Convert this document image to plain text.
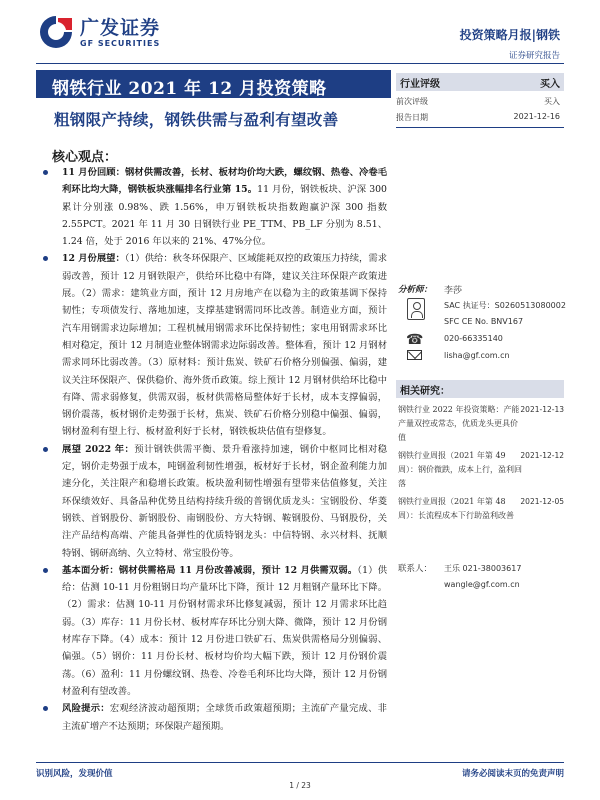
广发证券
GF SECURITIES
投资策略月报|钢铁
证券研究报告
钢铁行业 2021 年 12 月投资策略
粗钢限产持续，钢铁供需与盈利有望改善
核心观点：
行业评级	买入
前次评级	买入
报告日期	2021-12-16
分析师： 李莎
SAC 执证号：S0260513080002
SFC CE No. BNV167
☎	020-66335140
lisha@gf.com.cn
相关研究：
钢铁行业 2022 年投资策略：产能产量双控或常态，优质龙头更具价值
2021-12-13
钢铁行业周报（2021 年第 49 周）：钢价微跌，成本上行，盈利回落
2021-12-12
钢铁行业周报（2021 年第 48 周）：长流程成本下行助盈利改善
2021-12-05
联系人： 王乐 021-38003617
wangle@gf.com.cn
11 月份回顾：钢材供需改善，长材、板材均价均大跌，螺纹钢、热卷、冷卷毛利环比均大降，钢铁板块涨幅排名行业第 15。11 月份，钢铁板块、沪深 300 累计分别涨 0.98%、跌 1.56%，申万钢铁板块指数跑赢沪深 300 指数 2.55PCT。2021 年 11 月 30 日钢铁行业 PE_TTM、PB_LF 分别为 8.51、1.24 倍，处于 2016 年以来的 21%、47%分位。
12 月份展望：（1）供给：秋冬环保限产、区域能耗双控的政策压力持续，需求弱改善，预计 12 月钢铁限产，供给环比稳中有降，建议关注环保限产政策进展。（2）需求：建筑业方面，预计 12 月房地产在以稳为主的政策基调下保持韧性；专项债发行、落地加速，支撑基建钢需同环比改善。制造业方面，预计汽车用钢需求边际增加；工程机械用钢需求环比保持韧性；家电用钢需求环比相对稳定，预计 12 月制造业整体钢需求边际弱改善。整体看，预计 12 月钢材需求同环比弱改善。（3）原材料：预计焦炭、铁矿石价格分别偏强、偏弱，建议关注环保限产、保供稳价、海外货币政策。综上预计 12 月钢材供给环比稳中有降、需求弱修复，供需双弱，板材供需格局整体好于长材，成本支撑偏弱，钢价震荡，板材钢价走势强于长材，焦炭、铁矿石价格分别稳中偏强、偏弱，钢材盈利有望上行、板材盈利好于长材，钢铁板块估值有望修复。
展望 2022 年：预计钢铁供需平衡、景升看涨持加速，钢价中枢同比相对稳定，钢价走势强于成本，吨钢盈利韧性增强，板材好于长材，钢企盈利能力加速分化，关注限产和稳增长政策。板块盈利韧性增强有望带来估值修复，关注环保绩效好、具备品种优势且结构持续升级的普钢优质龙头：宝钢股份、华菱钢铁、首钢股份、新钢股份、南钢股份、方大特钢、鞍钢股份、马钢股份，关注产品结构高端、产能具备弹性的优质特钢龙头：中信特钢、永兴材料、抚顺特钢、钢研高纳、久立特材、常宝股份等。
基本面分析：钢材供需格局 11 月份改善减弱，预计 12 月供需双弱。（1）供给：估测 10-11 月份粗钢日均产量环比下降，预计 12 月粗钢产量环比下降。（2）需求：估测 10-11 月份钢材需求环比修复减弱，预计 12 月需求环比趋弱。（3）库存：11 月份长材、板材库存环比分别大降、微降，预计 12 月份钢材库存下降。（4）成本：预计 12 月份进口铁矿石、焦炭供需格局分别偏弱、偏强。（5）钢价：11 月份长材、板材均价均大幅下跌，预计 12 月份钢价震荡。（6）盈利：11 月份螺纹钢、热卷、冷卷毛利环比均大降，预计 12 月份钢材盈利有望改善。
风险提示：宏观经济波动超预期；全球货币政策超预期；主流矿产量完成、非主流矿增产不达预期；环保限产超预期。
识别风险，发现价值	请务必阅读末页的免责声明
1 / 23
